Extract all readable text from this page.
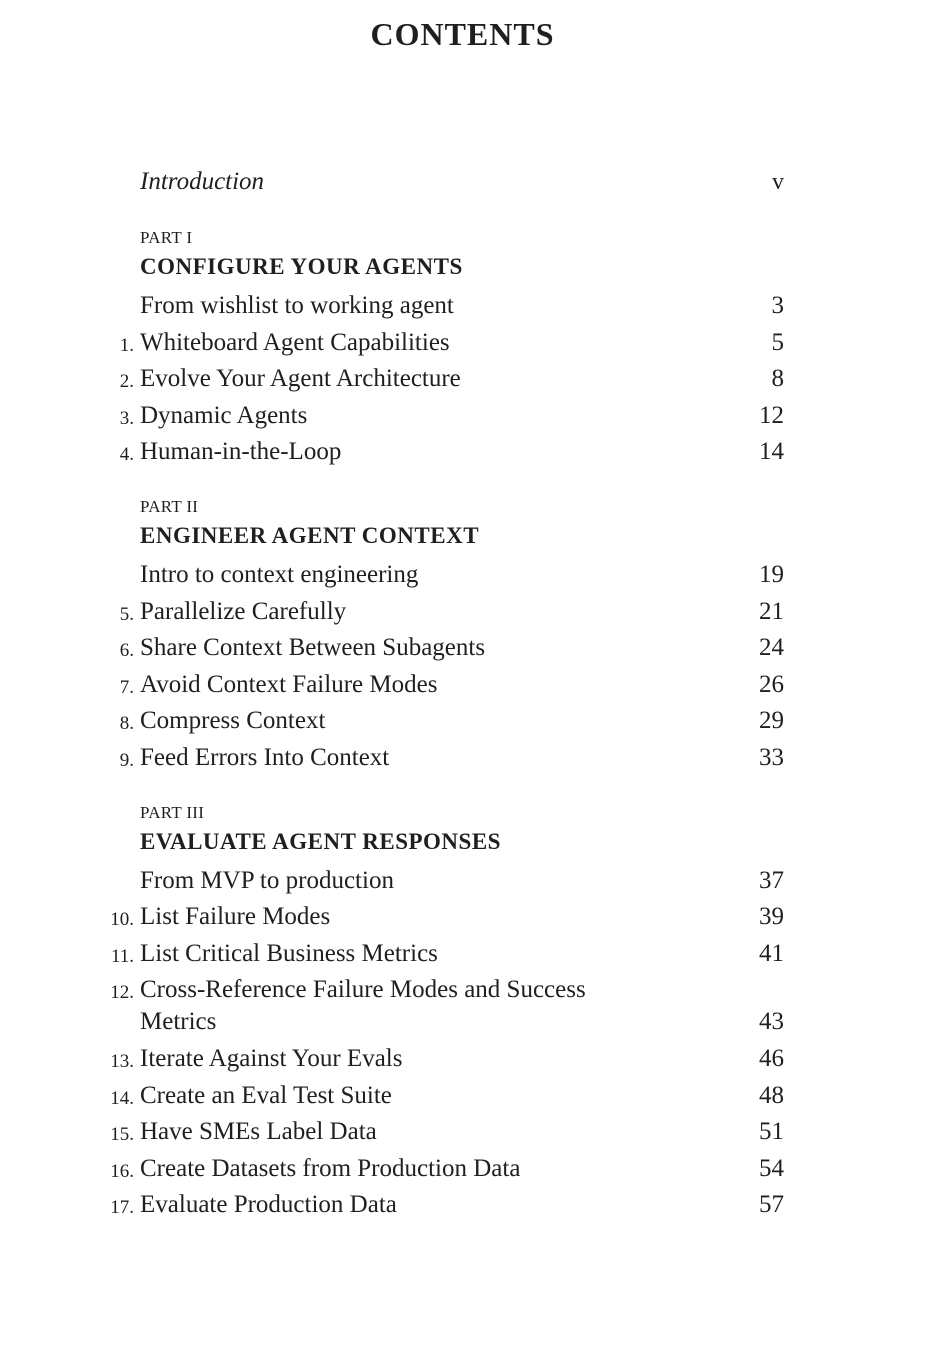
CONTENTS
Introduction	v
PART I
CONFIGURE YOUR AGENTS
From wishlist to working agent	3
1. Whiteboard Agent Capabilities	5
2. Evolve Your Agent Architecture	8
3. Dynamic Agents	12
4. Human-in-the-Loop	14
PART II
ENGINEER AGENT CONTEXT
Intro to context engineering	19
5. Parallelize Carefully	21
6. Share Context Between Subagents	24
7. Avoid Context Failure Modes	26
8. Compress Context	29
9. Feed Errors Into Context	33
PART III
EVALUATE AGENT RESPONSES
From MVP to production	37
10. List Failure Modes	39
11. List Critical Business Metrics	41
12. Cross-Reference Failure Modes and Success Metrics	43
13. Iterate Against Your Evals	46
14. Create an Eval Test Suite	48
15. Have SMEs Label Data	51
16. Create Datasets from Production Data	54
17. Evaluate Production Data	57
